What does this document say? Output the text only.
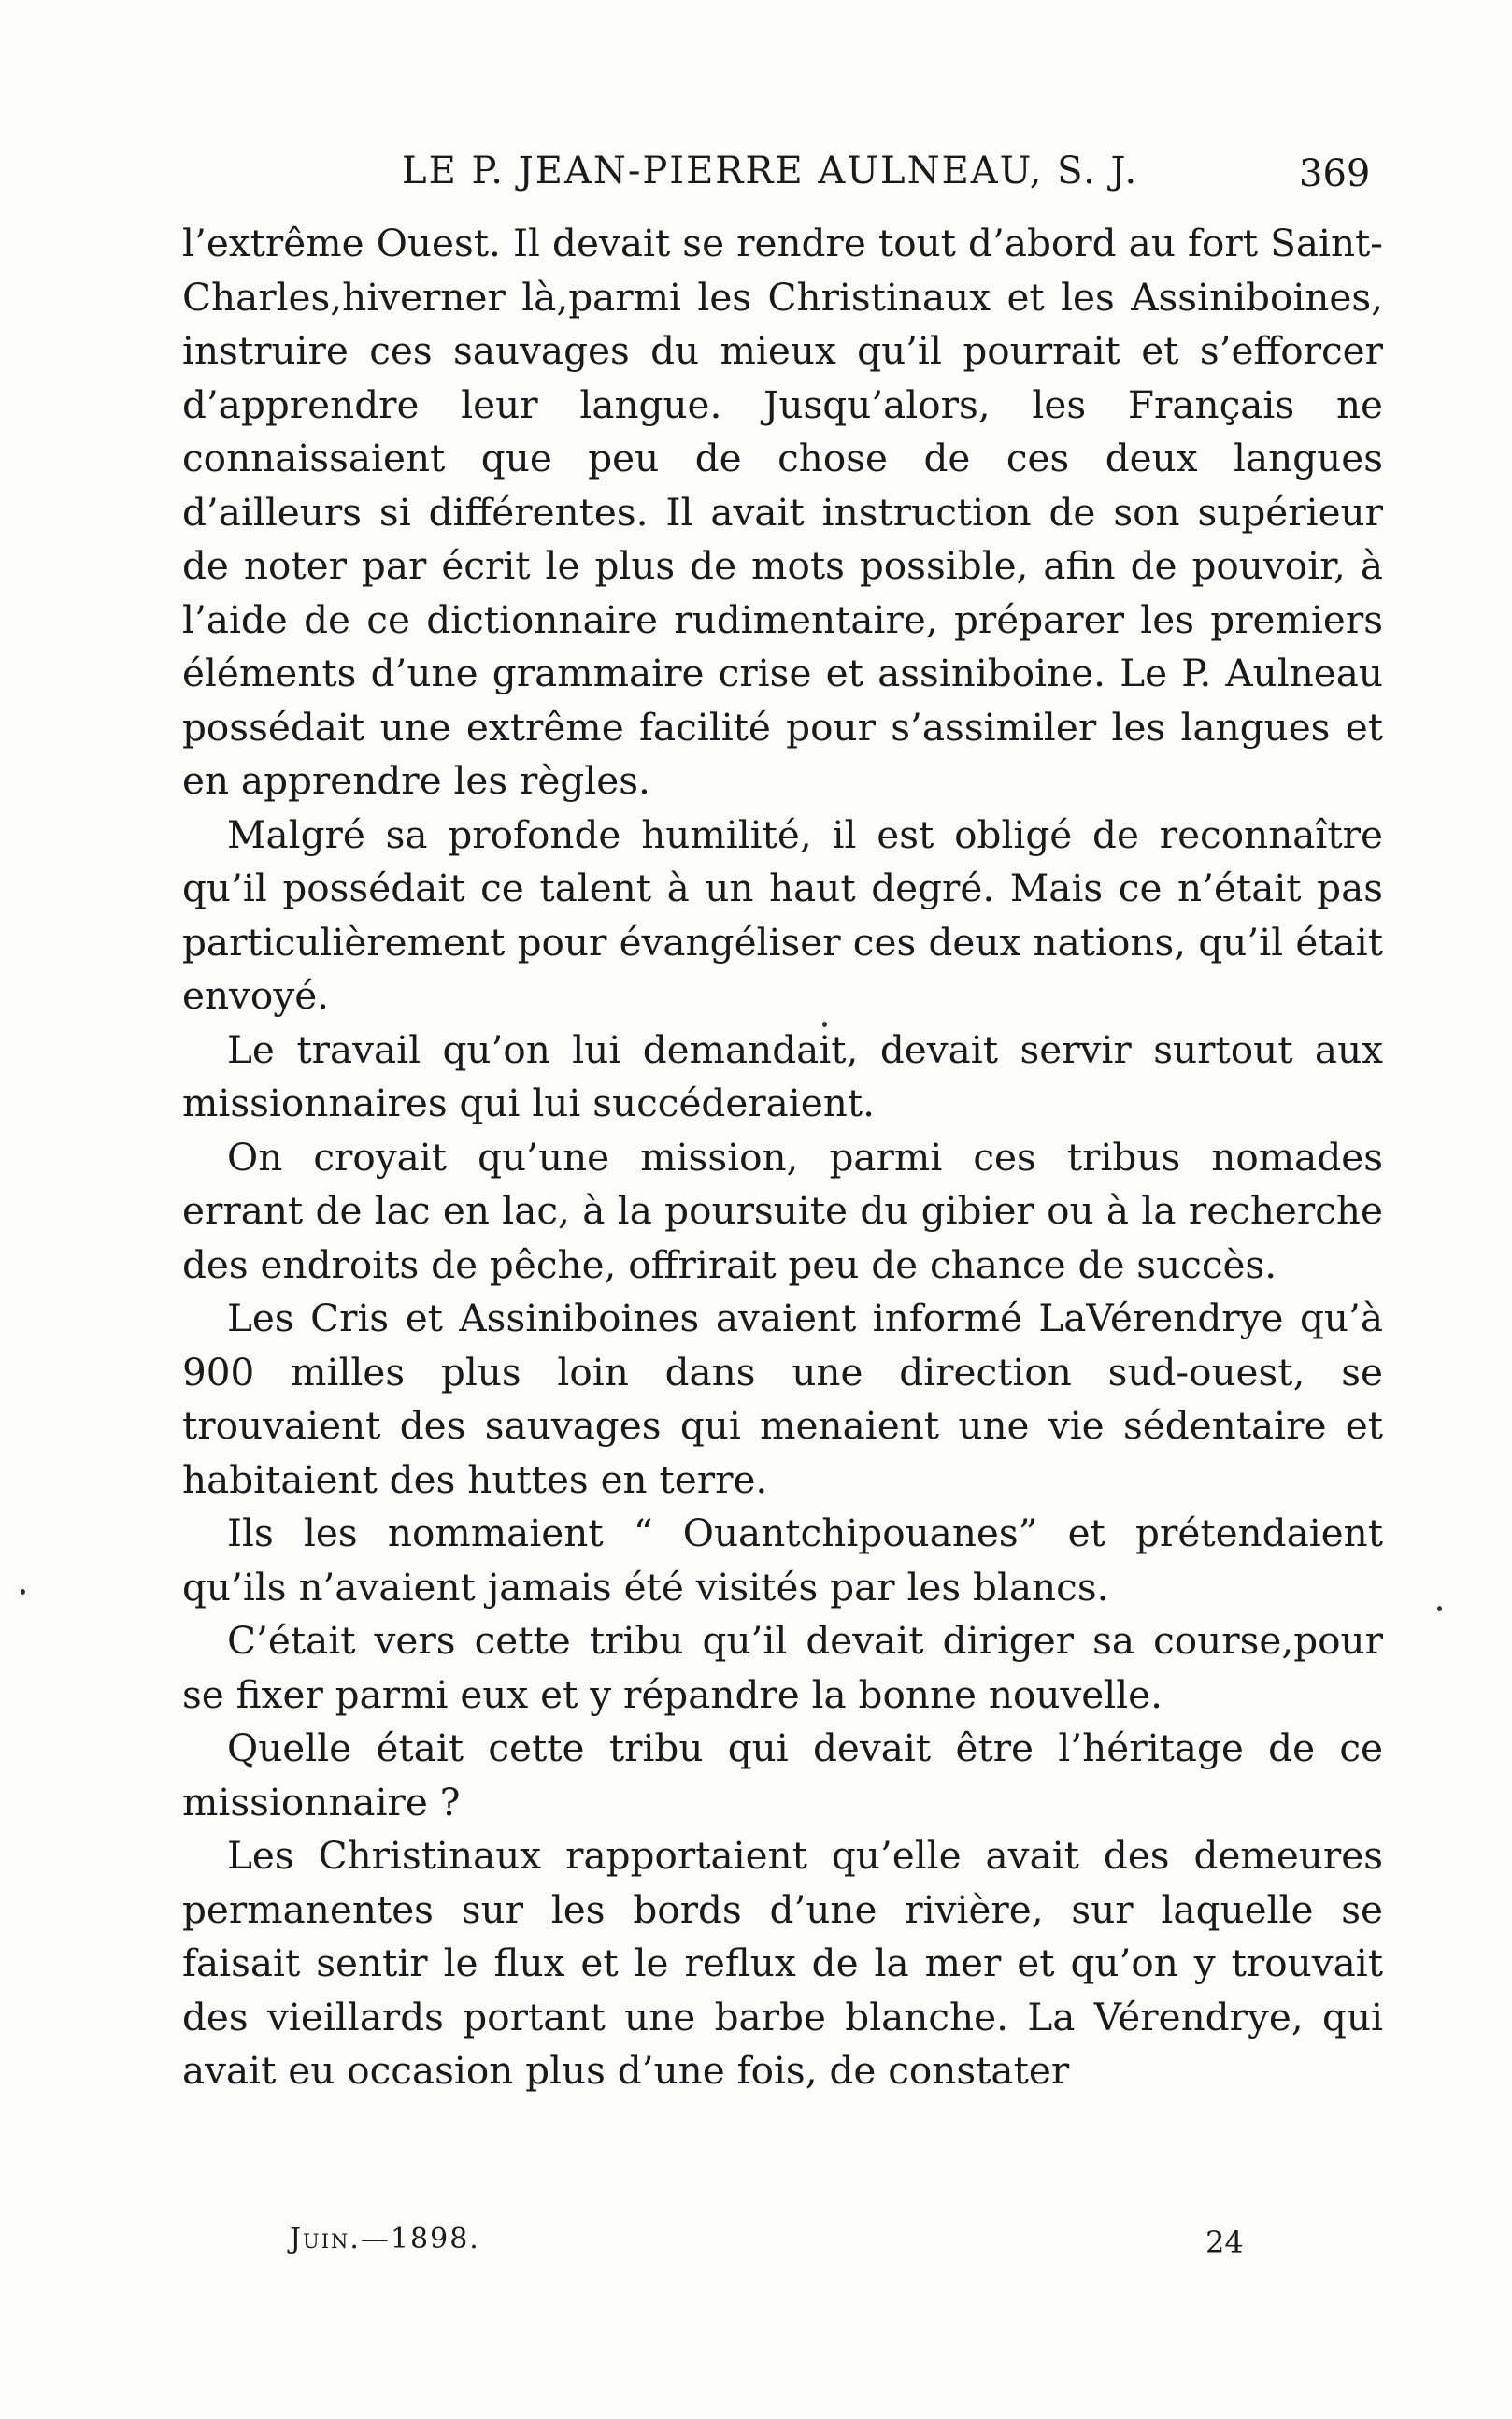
LE P. JEAN-PIERRE AULNEAU, S. J.	369

l’extrême Ouest. Il devait se rendre tout d’abord au fort Saint-Charles,hiverner là,parmi les Christinaux et les Assiniboines, instruire ces sauvages du mieux qu’il pourrait et s’efforcer d’apprendre leur langue. Jusqu’alors, les Français ne connaissaient que peu de chose de ces deux langues d’ailleurs si différentes. Il avait instruction de son supérieur de noter par écrit le plus de mots possible, afin de pouvoir, à l’aide de ce dictionnaire rudimentaire, préparer les premiers éléments d’une grammaire crise et assiniboine. Le P. Aulneau possédait une extrême facilité pour s’assimiler les langues et en apprendre les règles.

Malgré sa profonde humilité, il est obligé de reconnaître qu’il possédait ce talent à un haut degré. Mais ce n’était pas particulièrement pour évangéliser ces deux nations, qu’il était envoyé.

Le travail qu’on lui demandait, devait servir surtout aux missionnaires qui lui succéderaient.

On croyait qu’une mission, parmi ces tribus nomades errant de lac en lac, à la poursuite du gibier ou à la recherche des endroits de pêche, offrirait peu de chance de succès.

Les Cris et Assiniboines avaient informé LaVérendrye qu’à 900 milles plus loin dans une direction sud-ouest, se trouvaient des sauvages qui menaient une vie sédentaire et habitaient des huttes en terre.

Ils les nommaient “ Ouantchipouanes” et prétendaient qu’ils n’avaient jamais été visités par les blancs.

C’était vers cette tribu qu’il devait diriger sa course,pour se fixer parmi eux et y répandre la bonne nouvelle.

Quelle était cette tribu qui devait être l’héritage de ce missionnaire ?

Les Christinaux rapportaient qu’elle avait des demeures permanentes sur les bords d’une rivière, sur laquelle se faisait sentir le flux et le reflux de la mer et qu’on y trouvait des vieillards portant une barbe blanche. La Vérendrye, qui avait eu occasion plus d’une fois, de constater

Juin.—1898.	24
